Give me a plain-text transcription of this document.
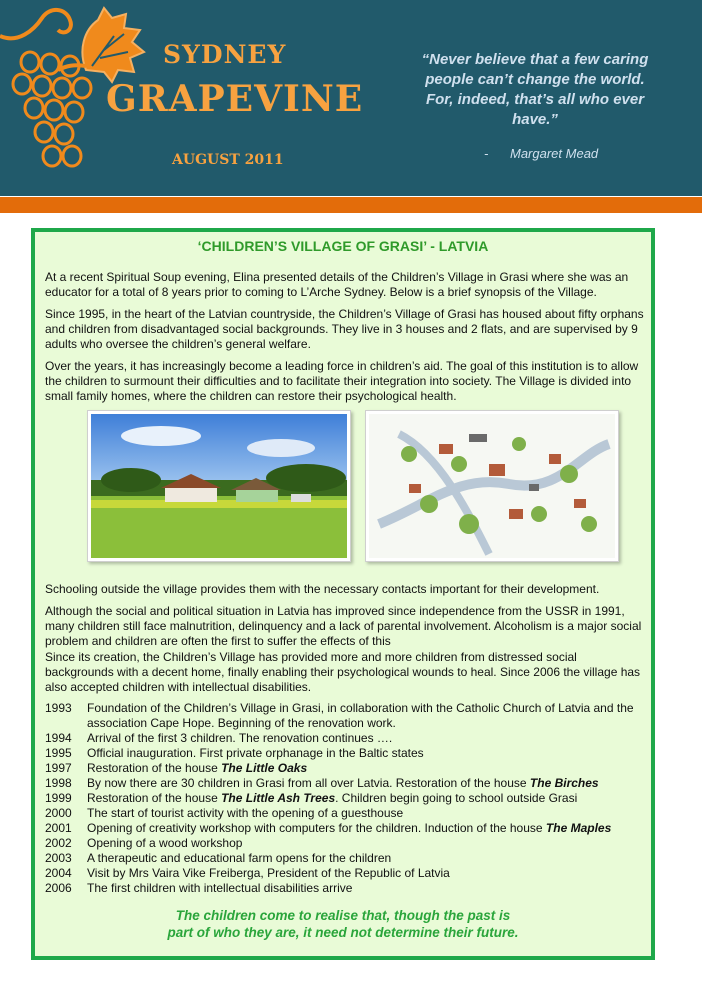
SYDNEY
GRAPEVINE
AUGUST 2011
“Never believe that a few caring
people can’t change the world.
For, indeed, that’s all who ever
have.”
-      Margaret Mead
‘CHILDREN’S VILLAGE OF GRASI’ - LATVIA

At a recent Spiritual Soup evening, Elina presented details of the Children’s Village in Grasi where she was an educator for a total of 8 years prior to coming to L’Arche Sydney. Below is a brief synopsis of the Village.

Since 1995, in the heart of the Latvian countryside, the Children’s Village of Grasi has housed about fifty orphans and children from disadvantaged social backgrounds. They live in 3 houses and 2 flats, and are supervised by 9 adults who oversee the children’s general welfare.

Over the years, it has increasingly become a leading force in children’s aid. The goal of this institution is to allow the children to surmount their difficulties and to facilitate their integration into society. The Village is divided into small family homes, where the children can restore their psychological health.

Schooling outside the village provides them with the necessary contacts important for their development.

Although the social and political situation in Latvia has improved since independence from the USSR in 1991, many children still face malnutrition, delinquency and a lack of parental involvement. Alcoholism is a major social problem and children are often the first to suffer the effects of this

Since its creation, the Children’s Village has provided more and more children from distressed social backgrounds with a decent home, finally enabling their psychological wounds to heal. Since 2006 the village has also accepted children with intellectual disabilities.

1993	Foundation of the Children’s Village in Grasi, in collaboration with the Catholic Church of Latvia and the association Cape Hope. Beginning of the renovation work.
1994	Arrival of the first 3 children. The renovation continues ….
1995	Official inauguration. First private orphanage in the Baltic states
1997	Restoration of the house The Little Oaks
1998	By now there are 30 children in Grasi from all over Latvia. Restoration of the house The Birches
1999	Restoration of the house The Little Ash Trees. Children begin going to school outside Grasi
2000	The start of tourist activity with the opening of a guesthouse
2001	Opening of creativity workshop with computers for the children. Induction of the house The Maples
2002	Opening of a wood workshop
2003	A therapeutic and educational farm opens for the children
2004	Visit by Mrs Vaira Vike Freiberga, President of the Republic of Latvia
2006	The first children with intellectual disabilities arrive
The children come to realise that, though the past is
part of who they are, it need not determine their future.
